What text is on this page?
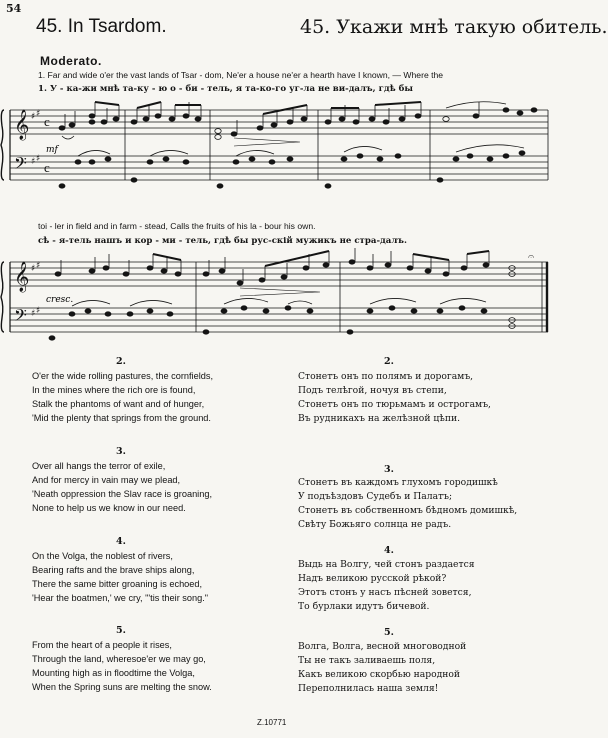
54
45. In Tsardom.	45. Укажи мнѣ такую обитель.
Moderato.
1. Far and wide o'er the vast lands of Tsar - dom, Ne'er a house ne'er a hearth have I known, — Where the
1. У - ка-жи мнѣ та-ку - ю о - би - тель, я та-ко-го уг-ла не ви-далъ, гдѣ бы
𝄞
𝄢
♯ ♯
♯ ♯
c
c
mf
toi - ler in field and in farm - stead, Calls the fruits of his la - bour his own.
сѣ - я-тель нашъ и кор - ми - тель, гдѣ бы рус-скій мужикъ не стра-далъ.
𝄞
𝄢
♯ ♯
♯ ♯
𝄐
cresc.
2.
O'er the wide rolling pastures, the cornfields,
In the mines where the rich ore is found,
Stalk the phantoms of want and of hunger,
'Mid the plenty that springs from the ground.
3.
Over all hangs the terror of exile,
And for mercy in vain may we plead,
'Neath oppression the Slav race is groaning,
None to help us we know in our need.
4.
On the Volga, the noblest of rivers,
Bearing rafts and the brave ships along,
There the same bitter groaning is echoed,
'Hear the boatmen,' we cry, "'tis their song."
5.
From the heart of a people it rises,
Through the land, wheresoe'er we may go,
Mounting high as in floodtime the Volga,
When the Spring suns are melting the snow.
2.
Стонетъ онъ по полямъ и дорогамъ,
Подъ телѣгой, ночуя въ степи,
Стонетъ онъ по тюрьмамъ и острогамъ,
Въ рудникахъ на желѣзной цѣпи.
3.
Стонетъ въ каждомъ глухомъ городишкѣ
У подъѣздовъ Судебъ и Палатъ;
Стонетъ въ собственномъ бѣдномъ домишкѣ,
Свѣту Божьяго солнца не радъ.
4.
Выдь на Волгу, чей стонъ раздается
Надъ великою русской рѣкой?
Этотъ стонъ у насъ пѣсней зовется,
То бурлаки идутъ бичевой.
5.
Волга, Волга, весной многоводной
Ты не такъ заливаешь поля,
Какъ великою скорбью народной
Переполнилась наша земля!
Z.10771
